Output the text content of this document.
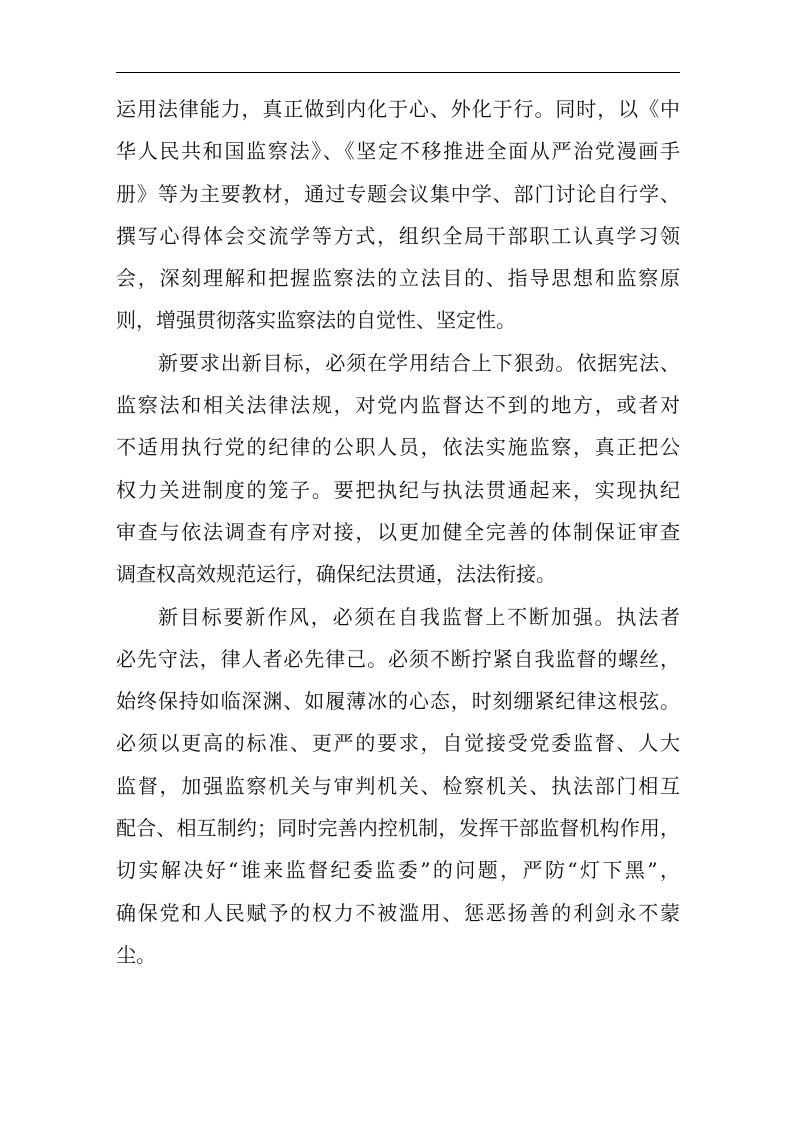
运用法律能力，真正做到内化于心、外化于行。同时，以《中
华人民共和国监察法》、《坚定不移推进全面从严治党漫画手
册》等为主要教材，通过专题会议集中学、部门讨论自行学、
撰写心得体会交流学等方式，组织全局干部职工认真学习领
会，深刻理解和把握监察法的立法目的、指导思想和监察原
则，增强贯彻落实监察法的自觉性、坚定性。
新要求出新目标，必须在学用结合上下狠劲。依据宪法、
监察法和相关法律法规，对党内监督达不到的地方，或者对
不适用执行党的纪律的公职人员，依法实施监察，真正把公
权力关进制度的笼子。要把执纪与执法贯通起来，实现执纪
审查与依法调查有序对接，以更加健全完善的体制保证审查
调查权高效规范运行，确保纪法贯通，法法衔接。
新目标要新作风，必须在自我监督上不断加强。执法者
必先守法，律人者必先律己。必须不断拧紧自我监督的螺丝，
始终保持如临深渊、如履薄冰的心态，时刻绷紧纪律这根弦。
必须以更高的标准、更严的要求，自觉接受党委监督、人大
监督，加强监察机关与审判机关、检察机关、执法部门相互
配合、相互制约；同时完善内控机制，发挥干部监督机构作用，
切实解决好“谁来监督纪委监委”的问题，严防“灯下黑”，
确保党和人民赋予的权力不被滥用、惩恶扬善的利剑永不蒙
尘。
